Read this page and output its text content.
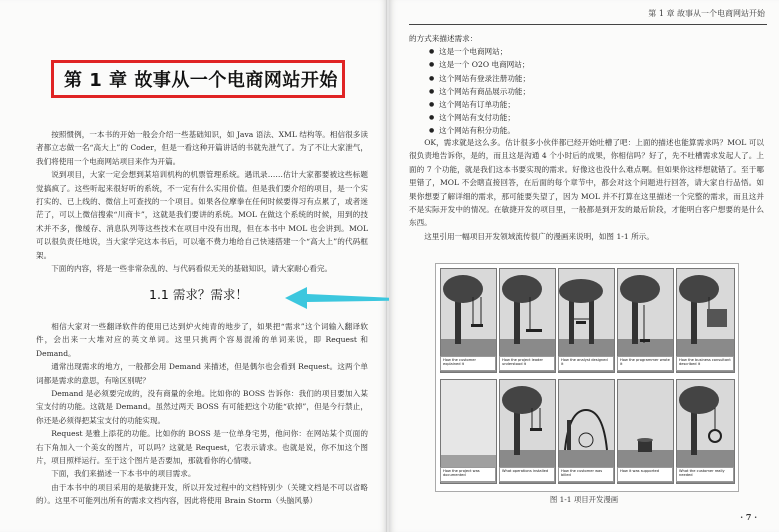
第 1 章 故事从一个电商网站开始

按照惯例，一本书的开始一般会介绍一些基础知识，如 Java 语法、XML 结构等。相信很多读者都立志做一名“高大上”的 Coder，但是一看这种开篇讲话的书就先泄气了。为了不让大家泄气，我们将使用一个电商网站项目来作为开篇。

说到项目，大家一定会想到某培训机构的机票管理系统。遇讯录……估计大家都要被这些标题觉搞疯了。这些听起来很好听的系统，不一定有什么实用价值。但是我们要介绍的项目，是一个实打实的、已上线的、微信上可查找的一个项目。如果各位摩拳在任何时候要得习有点累了，或者迷茫了，可以上微信搜索“川商卡”，这就是我们要讲的系统。MOL 在做这个系统的时候，用到的技术并不多，像缓存、消息队列等这些技术在项目中没有出现，但在本书中 MOL 也会讲到。MOL 可以很负责任地说，当大家学完这本书后，可以毫不费力地给自己快速搭建一个“高大上”的代码框架。

下面的内容，将是一些非常杂乱的、与代码看似无关的基础知识，请大家耐心看完。

1.1 需求？需求！

相信大家对一些翻译软件的使用已达到炉火纯青的地步了，如果把“需求”这个词输入翻译软件，会出来一大堆对应的英文单词。这里只挑两个容易混淆的单词来说，即 Request 和 Demand。

通常出现需求的地方，一般都会用 Demand 来描述，但是偶尔也会看到 Request。这两个单词都是需求的意思，有啥区别呢？

Demand 是必须要完成的，没有商量的余地。比如你的 BOSS 告诉你：我们的项目要加入某宝支付的功能。这就是 Demand。虽然过两天 BOSS 有可能把这个功能“砍掉”，但是今行禁止，你还是必须得把某宝支付的功能实现。

Request 是雅上添花的功能。比如你的 BOSS 是一位单身宅男，他问你：在网站某个页面的右下角加入一个美女的图片，可以吗？这就是 Request，它表示请求。也就是说，你不加这个图片，项目照样运行。至于这个图片是否要加，那就看你的心情喽。

下面，我们来描述一下本书中的项目需求。

由于本书中的项目采用的是敏捷开发，所以开发过程中的文档特别少（关键文档是不可以省略的）。这里不可能列出所有的需求文档内容，因此将使用 Brain Storm（头脑风暴）

第 1 章 故事从一个电商网站开始

的方式来描述需求：

● 这是一个电商网站；
● 这是一个 O2O 电商网站；
● 这个网站有登录注册功能；
● 这个网站有商品展示功能；
● 这个网站有订单功能；
● 这个网站有支付功能；
● 这个网站有积分功能。

OK，需求就是这么多。估计很多小伙伴都已经开始吐槽了吧：上面的描述也能算需求吗？MOL 可以很负责地告诉你，是的，而且这是沟通 4 个小时后的成果，你相信吗？好了，先不吐槽需求发起人了。上面的 7 个功能，就是我们这本书要实现的需求。好像这也没什么难点啊。但如果你这样想就错了。至于哪里错了，MOL 不会瞎直接回答，在后面的每个章节中，都会对这个问题进行回答，请大家自行品悟。如果你想要了解详细的需求，那可能要失望了，因为 MOL 并不打算在这里描述一个完整的需求，而且这并不是实际开发中的情况。在敏捷开发的项目里，一般都是到开发的最后阶段，才能明白客户想要的是什么东西。

这里引用一幅项目开发领域流传很广的漫画来说明，如图 1-1 所示。

How the customer explained it
How the project leader understood it
How the analyst designed it
How the programmer wrote it
How the business consultant described it
How the project was documented
What operations installed	How the customer was billed
How it was supported	What the customer really needed
图 1-1 项目开发漫画
· 7 ·
